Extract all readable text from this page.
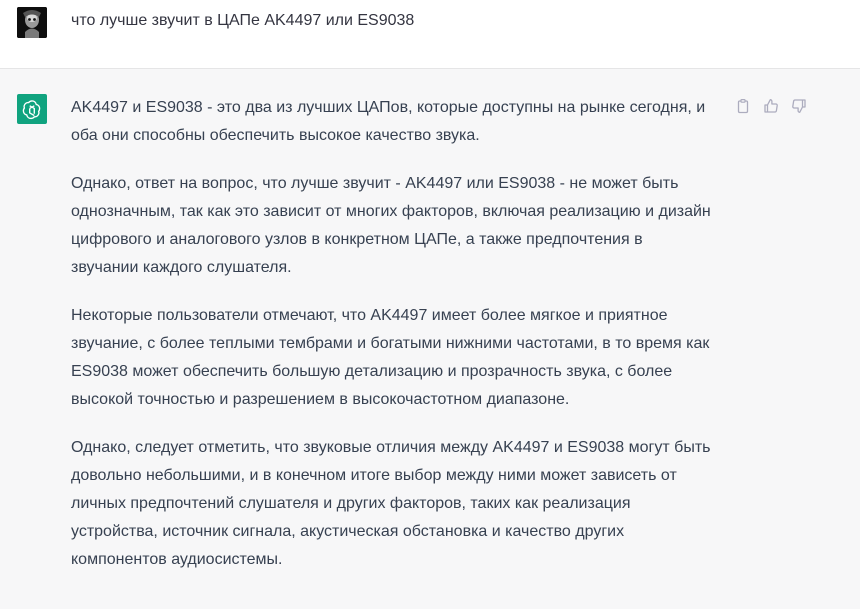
что лучше звучит в ЦАПе AK4497 или ES9038

AK4497 и ES9038 - это два из лучших ЦАПов, которые доступны на рынке сегодня, и
оба они способны обеспечить высокое качество звука.

Однако, ответ на вопрос, что лучше звучит - AK4497 или ES9038 - не может быть
однозначным, так как это зависит от многих факторов, включая реализацию и дизайн
цифрового и аналогового узлов в конкретном ЦАПе, а также предпочтения в
звучании каждого слушателя.

Некоторые пользователи отмечают, что AK4497 имеет более мягкое и приятное
звучание, с более теплыми тембрами и богатыми нижними частотами, в то время как
ES9038 может обеспечить большую детализацию и прозрачность звука, с более
высокой точностью и разрешением в высокочастотном диапазоне.

Однако, следует отметить, что звуковые отличия между AK4497 и ES9038 могут быть
довольно небольшими, и в конечном итоге выбор между ними может зависеть от
личных предпочтений слушателя и других факторов, таких как реализация
устройства, источник сигнала, акустическая обстановка и качество других
компонентов аудиосистемы.
